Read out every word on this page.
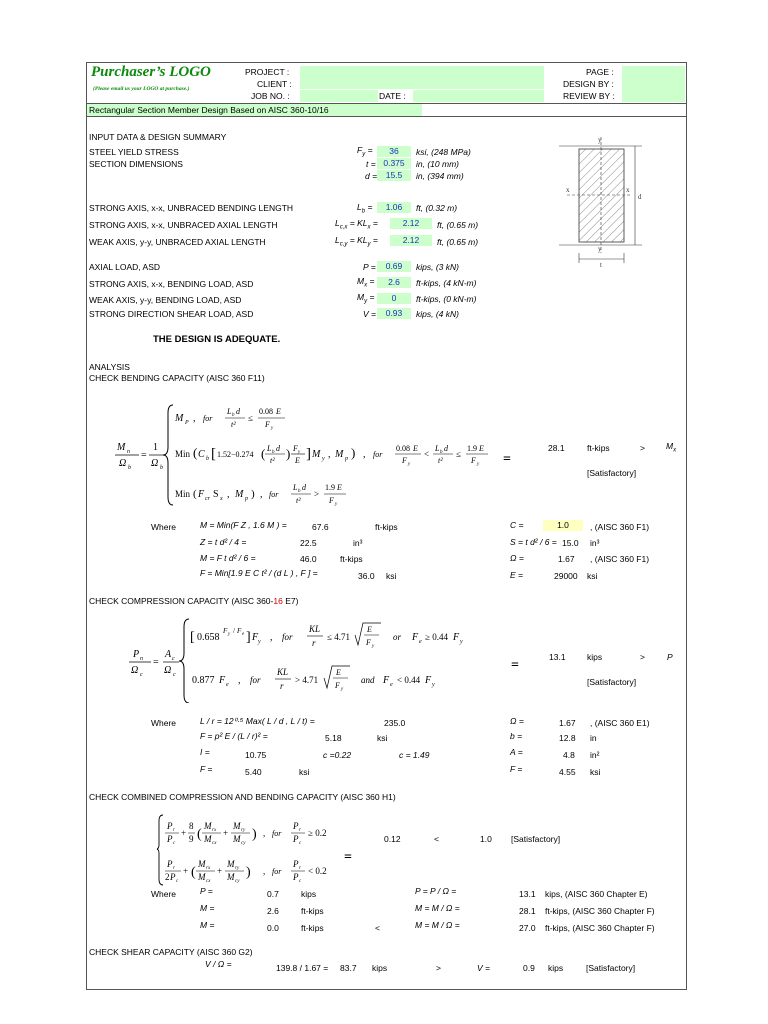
Purchaser’s LOGO
(Please email us your LOGO at purchase.)
PROJECT :
CLIENT :
JOB NO. :	DATE :
PAGE :
DESIGN BY :
REVIEW BY :
Rectangular Section Member Design Based on AISC 360-10/16
INPUT DATA & DESIGN SUMMARY
STEEL YIELD STRESS	$F_y$ =	36	ksi, (248 MPa)
SECTION DIMENSIONS	t = 0.375	in, (10 mm)
d =	15.5	in, (394 mm)
STRONG AXIS, x-x, UNBRACED BENDING LENGTH	$L_b$ =	1.06	ft, (0.32 m)
STRONG AXIS, x-x, UNBRACED AXIAL LENGTH	$L_{c,x} = KL_x$ =	2.12	ft, (0.65 m)
WEAK AXIS, y-y, UNBRACED AXIAL LENGTH	$L_{c,y} = KL_y$ =	2.12	ft, (0.65 m)
AXIAL LOAD, ASD	P =	0.69	kips, (3 kN)
STRONG AXIS, x-x, BENDING LOAD, ASD	$M_x$ =	2.6	ft-kips, (4 kN-m)
WEAK AXIS, y-y, BENDING LOAD, ASD	$M_y$ =	0	ft-kips, (0 kN-m)
STRONG DIRECTION SHEAR LOAD, ASD	V =	0.93	kips, (4 kN)
THE DESIGN IS ADEQUATE.
y
y
x	x
d
t
ANALYSIS
CHECK BENDING CAPACITY (AISC 360 F11)
M n
Ω b
=
1
Ω b
M P , for
L b d
t²
≤
0.08 E
F y
Min ( C b [ 1.52−0.274 ( L b d
t² ) F y
E ] M y , M p ) , for
0.08 E
F y
<
L b d
t²
≤
1.9 E
F y
Min ( F cr S x , M p ) , for
L b d
t²
>
1.9 E
F y
=
28.1	ft-kips	> $M_x$
[Satisfactory]
Where	M = Min(F Z , 1.6 M ) =	67.6	ft-kips
Z = t d² / 4 =	22.5	in³
M = F t d² / 6 =	46.0	ft-kips
F = Min[1.9 E C t² / (d L ) , F ] =	36.0 ksi
C =	1.0	, (AISC 360 F1)
S = t d² / 6 = 15.0 in³
Ω =	1.67 , (AISC 360 F1)
E =	29000 ksi
CHECK COMPRESSION CAPACITY (AISC 360-16 E7)
P n
Ω c
=
A c
Ω c
[ 0.658
F y / F e ] F y , for
KL
r
≤ 4.71
E
F y
or F e ≥ 0.44 F y
0.877 F e , for
KL
r
> 4.71
E
F y
and F e < 0.44 F y
=
13.1	kips	>	P
[Satisfactory]
Where	L / r = 12⁰·⁵ Max( L / d , L / t) =	235.0
F = p² E / (L / r)² =	5.18	ksi
I =	10.75	c =0.22	c = 1.49
F =	5.40	ksi
Ω =	1.67 , (AISC 360 E1)
b =	12.8 in
A =	4.8 in²
F =	4.55 ksi
CHECK COMBINED COMPRESSION AND BENDING CAPACITY (AISC 360 H1)
P r
P c
+
8
9 (
M rx
M cx
+
M ry
M cy
) , for
P r
P c
≥ 0.2
P r
2 P c
+ (
M rx
M cx
+
M ry
M cy
) , for
P r
P c
< 0.2
=
0.12	<	1.0 [Satisfactory]
Where	P =	0.7	kips
M =	2.6	ft-kips
M =	0.0	ft-kips	<
P = P / Ω =	13.1 kips, (AISC 360 Chapter E)
M = M / Ω =	28.1 ft-kips, (AISC 360 Chapter F)
M = M / Ω =	27.0 ft-kips, (AISC 360 Chapter F)
CHECK SHEAR CAPACITY (AISC 360 G2)
V / Ω =	139.8 / 1.67 = 83.7 kips	>	V =	0.9 kips	[Satisfactory]
